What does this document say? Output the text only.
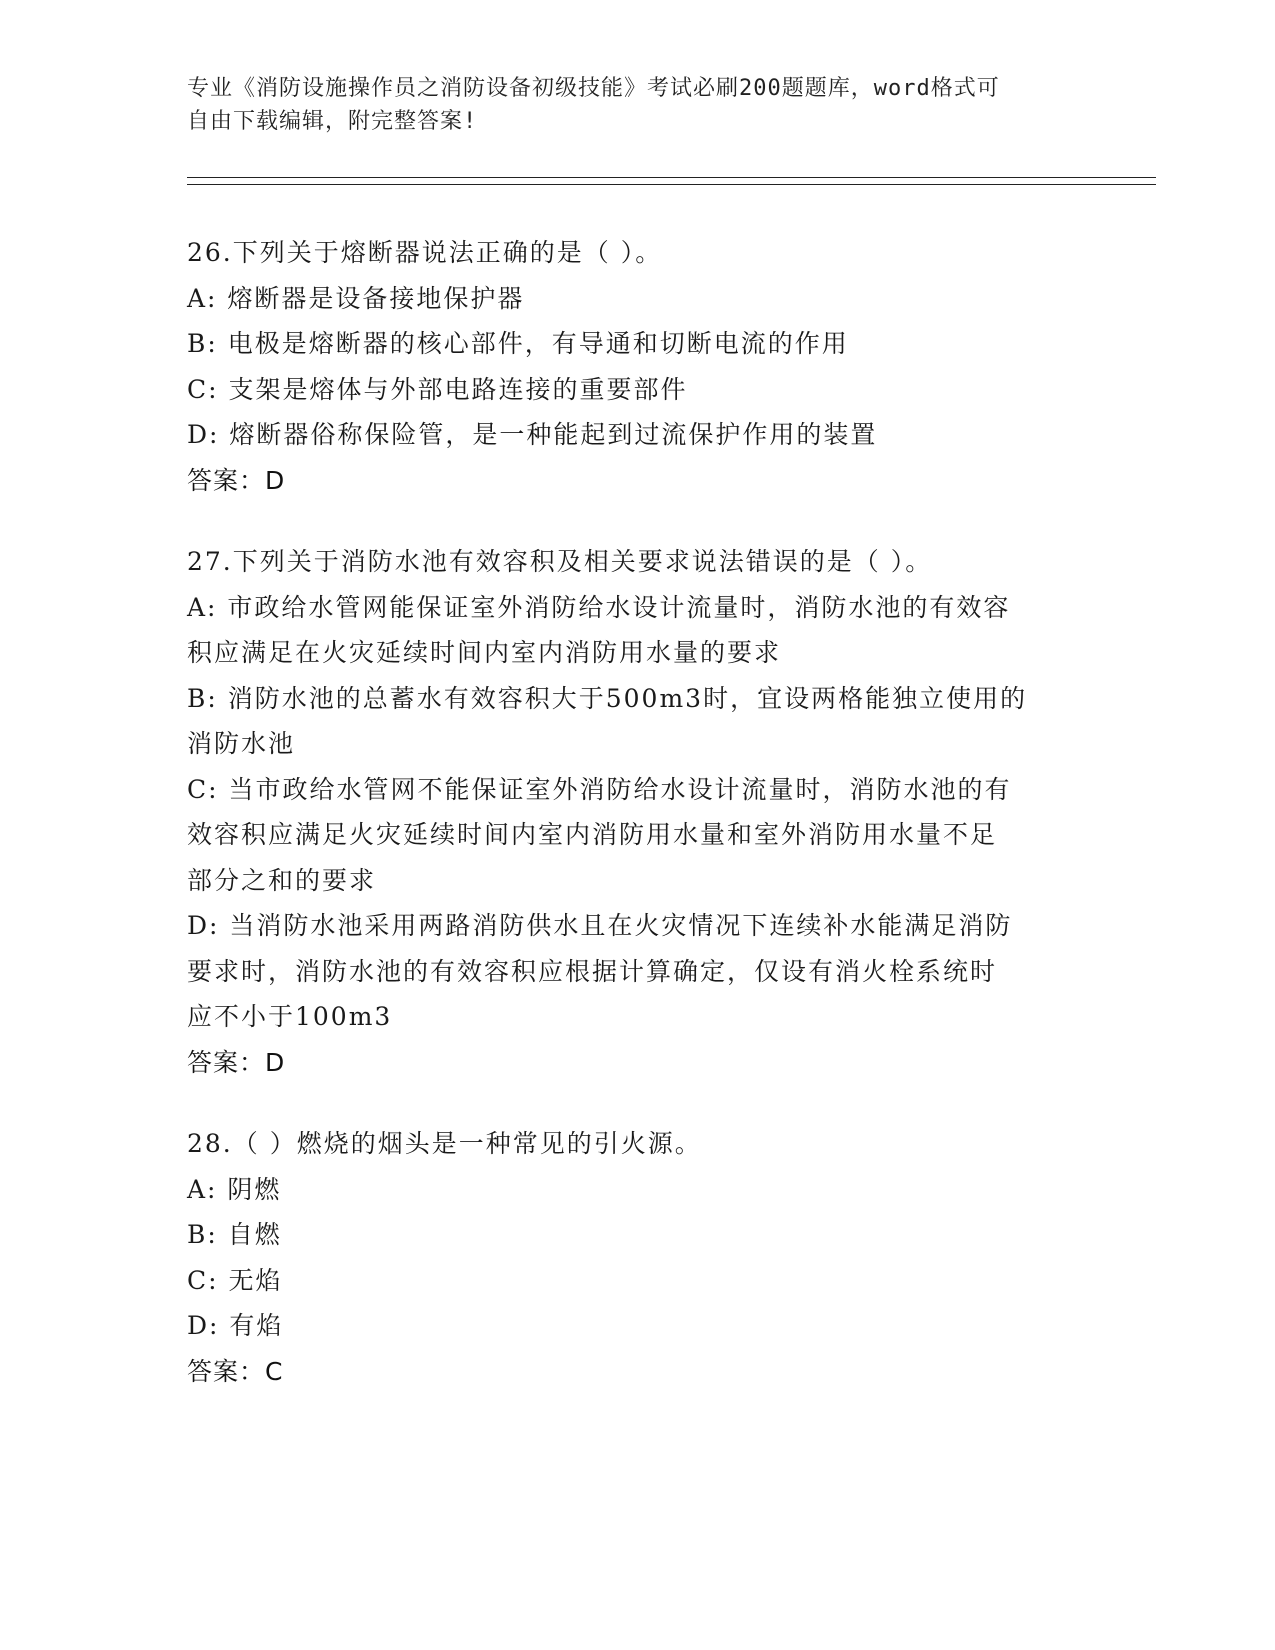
专业《消防设施操作员之消防设备初级技能》考试必刷200题题库，word格式可
自由下载编辑，附完整答案!
26.下列关于熔断器说法正确的是（ ）。
A: 熔断器是设备接地保护器
B: 电极是熔断器的核心部件，有导通和切断电流的作用
C: 支架是熔体与外部电路连接的重要部件
D: 熔断器俗称保险管，是一种能起到过流保护作用的装置
答案：D
27.下列关于消防水池有效容积及相关要求说法错误的是（ ）。
A: 市政给水管网能保证室外消防给水设计流量时，消防水池的有效容
积应满足在火灾延续时间内室内消防用水量的要求
B: 消防水池的总蓄水有效容积大于500m3时，宜设两格能独立使用的
消防水池
C: 当市政给水管网不能保证室外消防给水设计流量时，消防水池的有
效容积应满足火灾延续时间内室内消防用水量和室外消防用水量不足
部分之和的要求
D: 当消防水池采用两路消防供水且在火灾情况下连续补水能满足消防
要求时，消防水池的有效容积应根据计算确定，仅设有消火栓系统时
应不小于100m3
答案：D
28.（ ）燃烧的烟头是一种常见的引火源。
A: 阴燃
B: 自燃
C: 无焰
D: 有焰
答案：C
